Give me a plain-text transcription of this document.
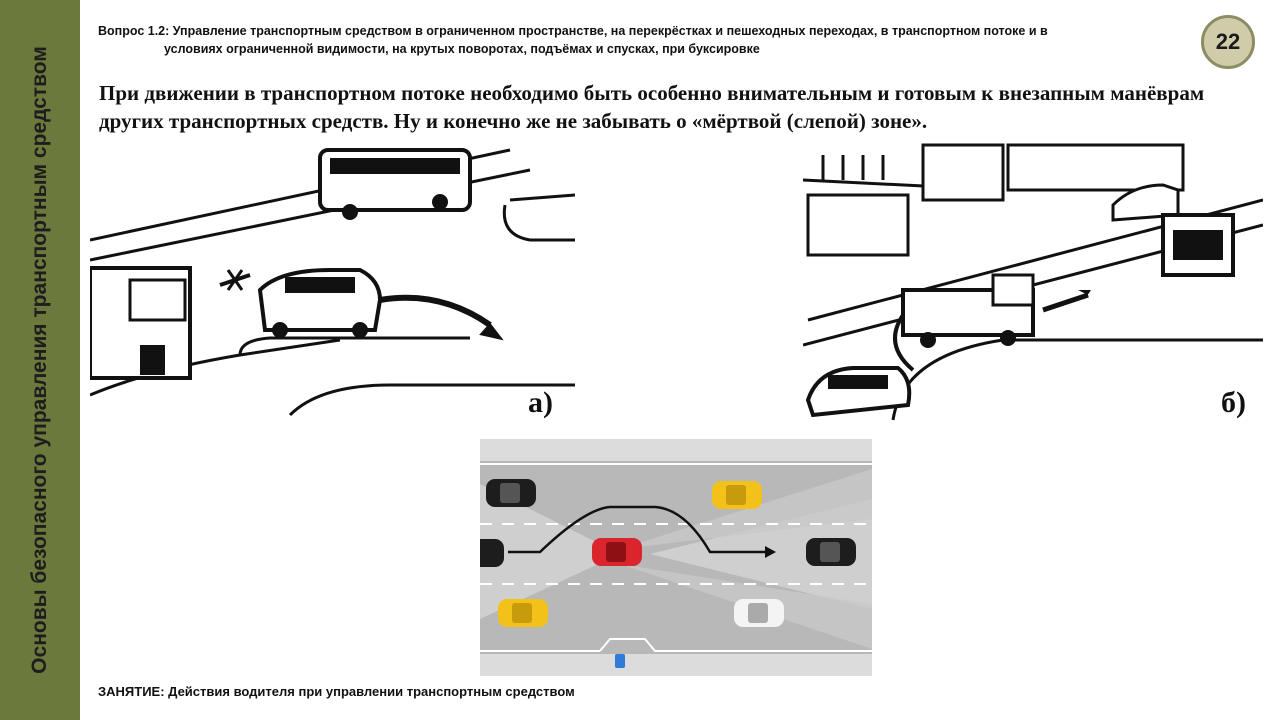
Основы безопасного управления транспортным средством
Вопрос 1.2: Управление транспортным средством в ограниченном пространстве, на перекрёстках и пешеходных переходах, в транспортном потоке и в
условиях ограниченной видимости, на крутых поворотах, подъёмах и спусках, при буксировке	22
При движении в транспортном потоке необходимо быть особенно внимательным и готовым к внезапным манёврам других транспортных средств. Ну и конечно же не забывать о «мёртвой (слепой) зоне».
а)	б)
ЗАНЯТИЕ: Действия водителя при управлении транспортным средством
